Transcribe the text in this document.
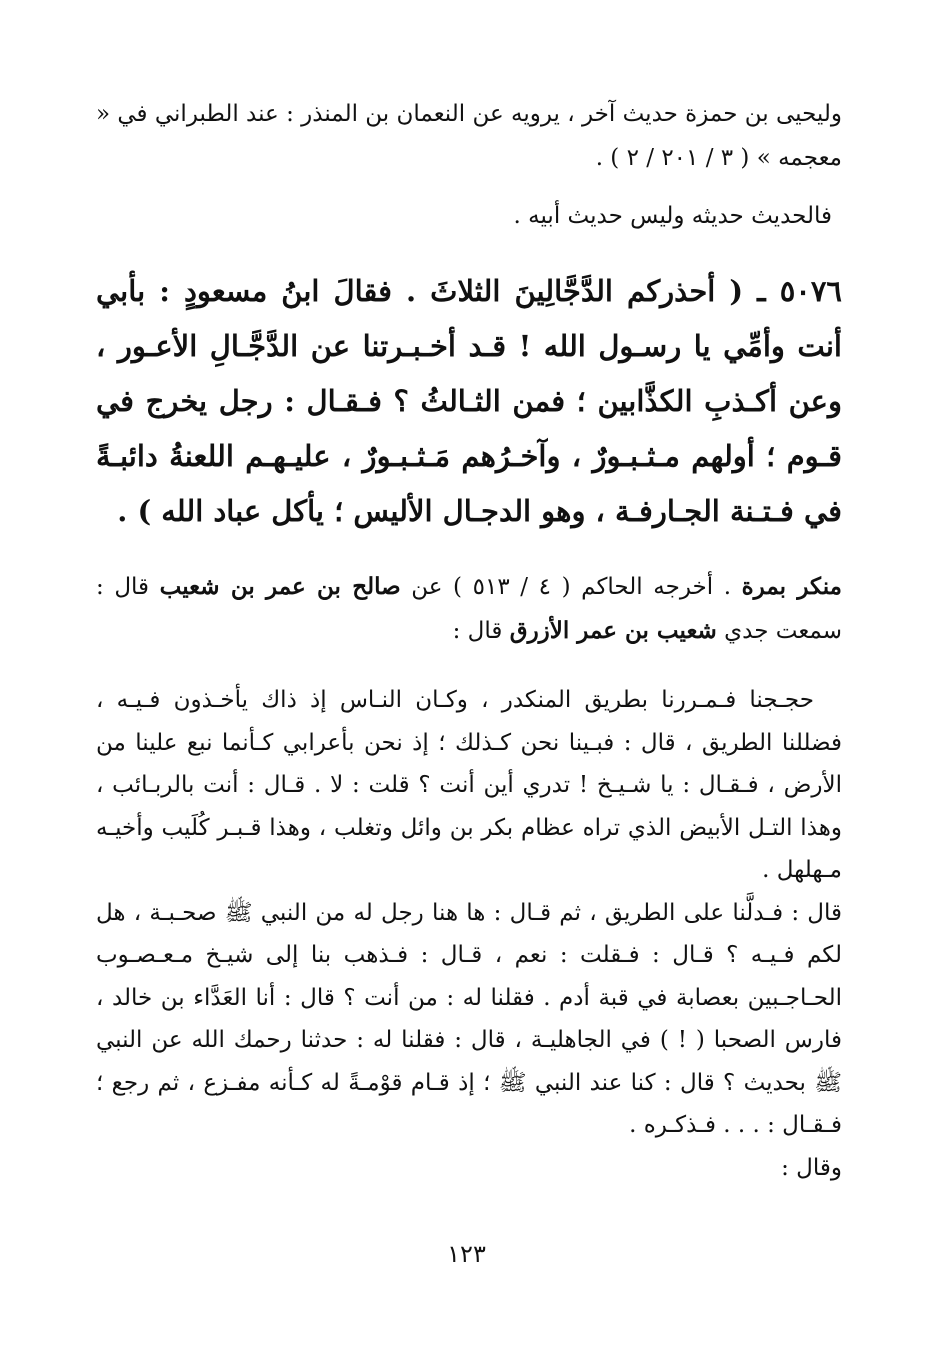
وليحيى بن حمزة حديث آخر ، يرويه عن النعمان بن المنذر : عند الطبراني في « معجمه » ( ٣ / ٢٠١ / ٢ ) .
فالحديث حديثه وليس حديث أبيه .
٥٠٧٦ ـ ( أحذركم الدَّجَّالِينَ الثلاثَ . فقالَ ابنُ مسعودٍ : بأبي أنت وأمِّي يا رسـول الله ! قـد أخـبـرتنا عن الدَّجَّـالِ الأعـور ، وعن أكـذبِ الكذَّابين ؛ فمن الثـالثُ ؟ فـقـال : رجل يخرج في قـوم ؛ أولهم مـثـبـورٌ ، وآخـرُهم مَـثـبـورٌ ، عليـهـم اللعنةُ دائبـةً في فـتـنة الجـارفـة ، وهو الدجـال الأليس ؛ يأكل عباد الله ) .
منكر بمرة . أخرجه الحاكم ( ٤ / ٥١٣ ) عن صالح بن عمر بن شعيب قال : سمعت جدي شعيب بن عمر الأزرق قال :

حجـجنا فـمـررنا بطريق المنكدر ، وكـان النـاس إذ ذاك يأخـذون فـيـه ، فضللنا الطريق ، قال : فبـينا نحن كـذلك ؛ إذ نحن بأعرابي كـأنما نبع علينا من الأرض ، فـقـال : يا شـيـخ ! تدري أين أنت ؟ قلت : لا . قـال : أنت بالربـائب ، وهذا التـل الأبيض الذي تراه عظام بكر بن وائل وتغلب ، وهذا قـبـر كُلَيب وأخيـه مـهلهل .

قال : فـدلَّنا على الطريق ، ثم قـال : ها هنا رجل له من النبي ﷺ صحـبـة ، هل لكم فـيـه ؟ قـال : فـقلت : نعم ، قـال : فـذهب بنا إلى شيـخ مـعـصـوب الحـاجـبين بعصابة في قبة أدم . فقلنا له : من أنت ؟ قال : أنا العَدَّاء بن خالد ، فارس الصحبا ( ! ) في الجاهليـة ، قال : فقلنا له : حدثنا رحمك الله عن النبي ﷺ بحديث ؟ قال : كنا عند النبي ﷺ ؛ إذ قـام قوْمـةً له كـأنه مفـزع ، ثم رجع ؛ فـقـال : . . . فـذكـره .

وقال :

١٢٣
